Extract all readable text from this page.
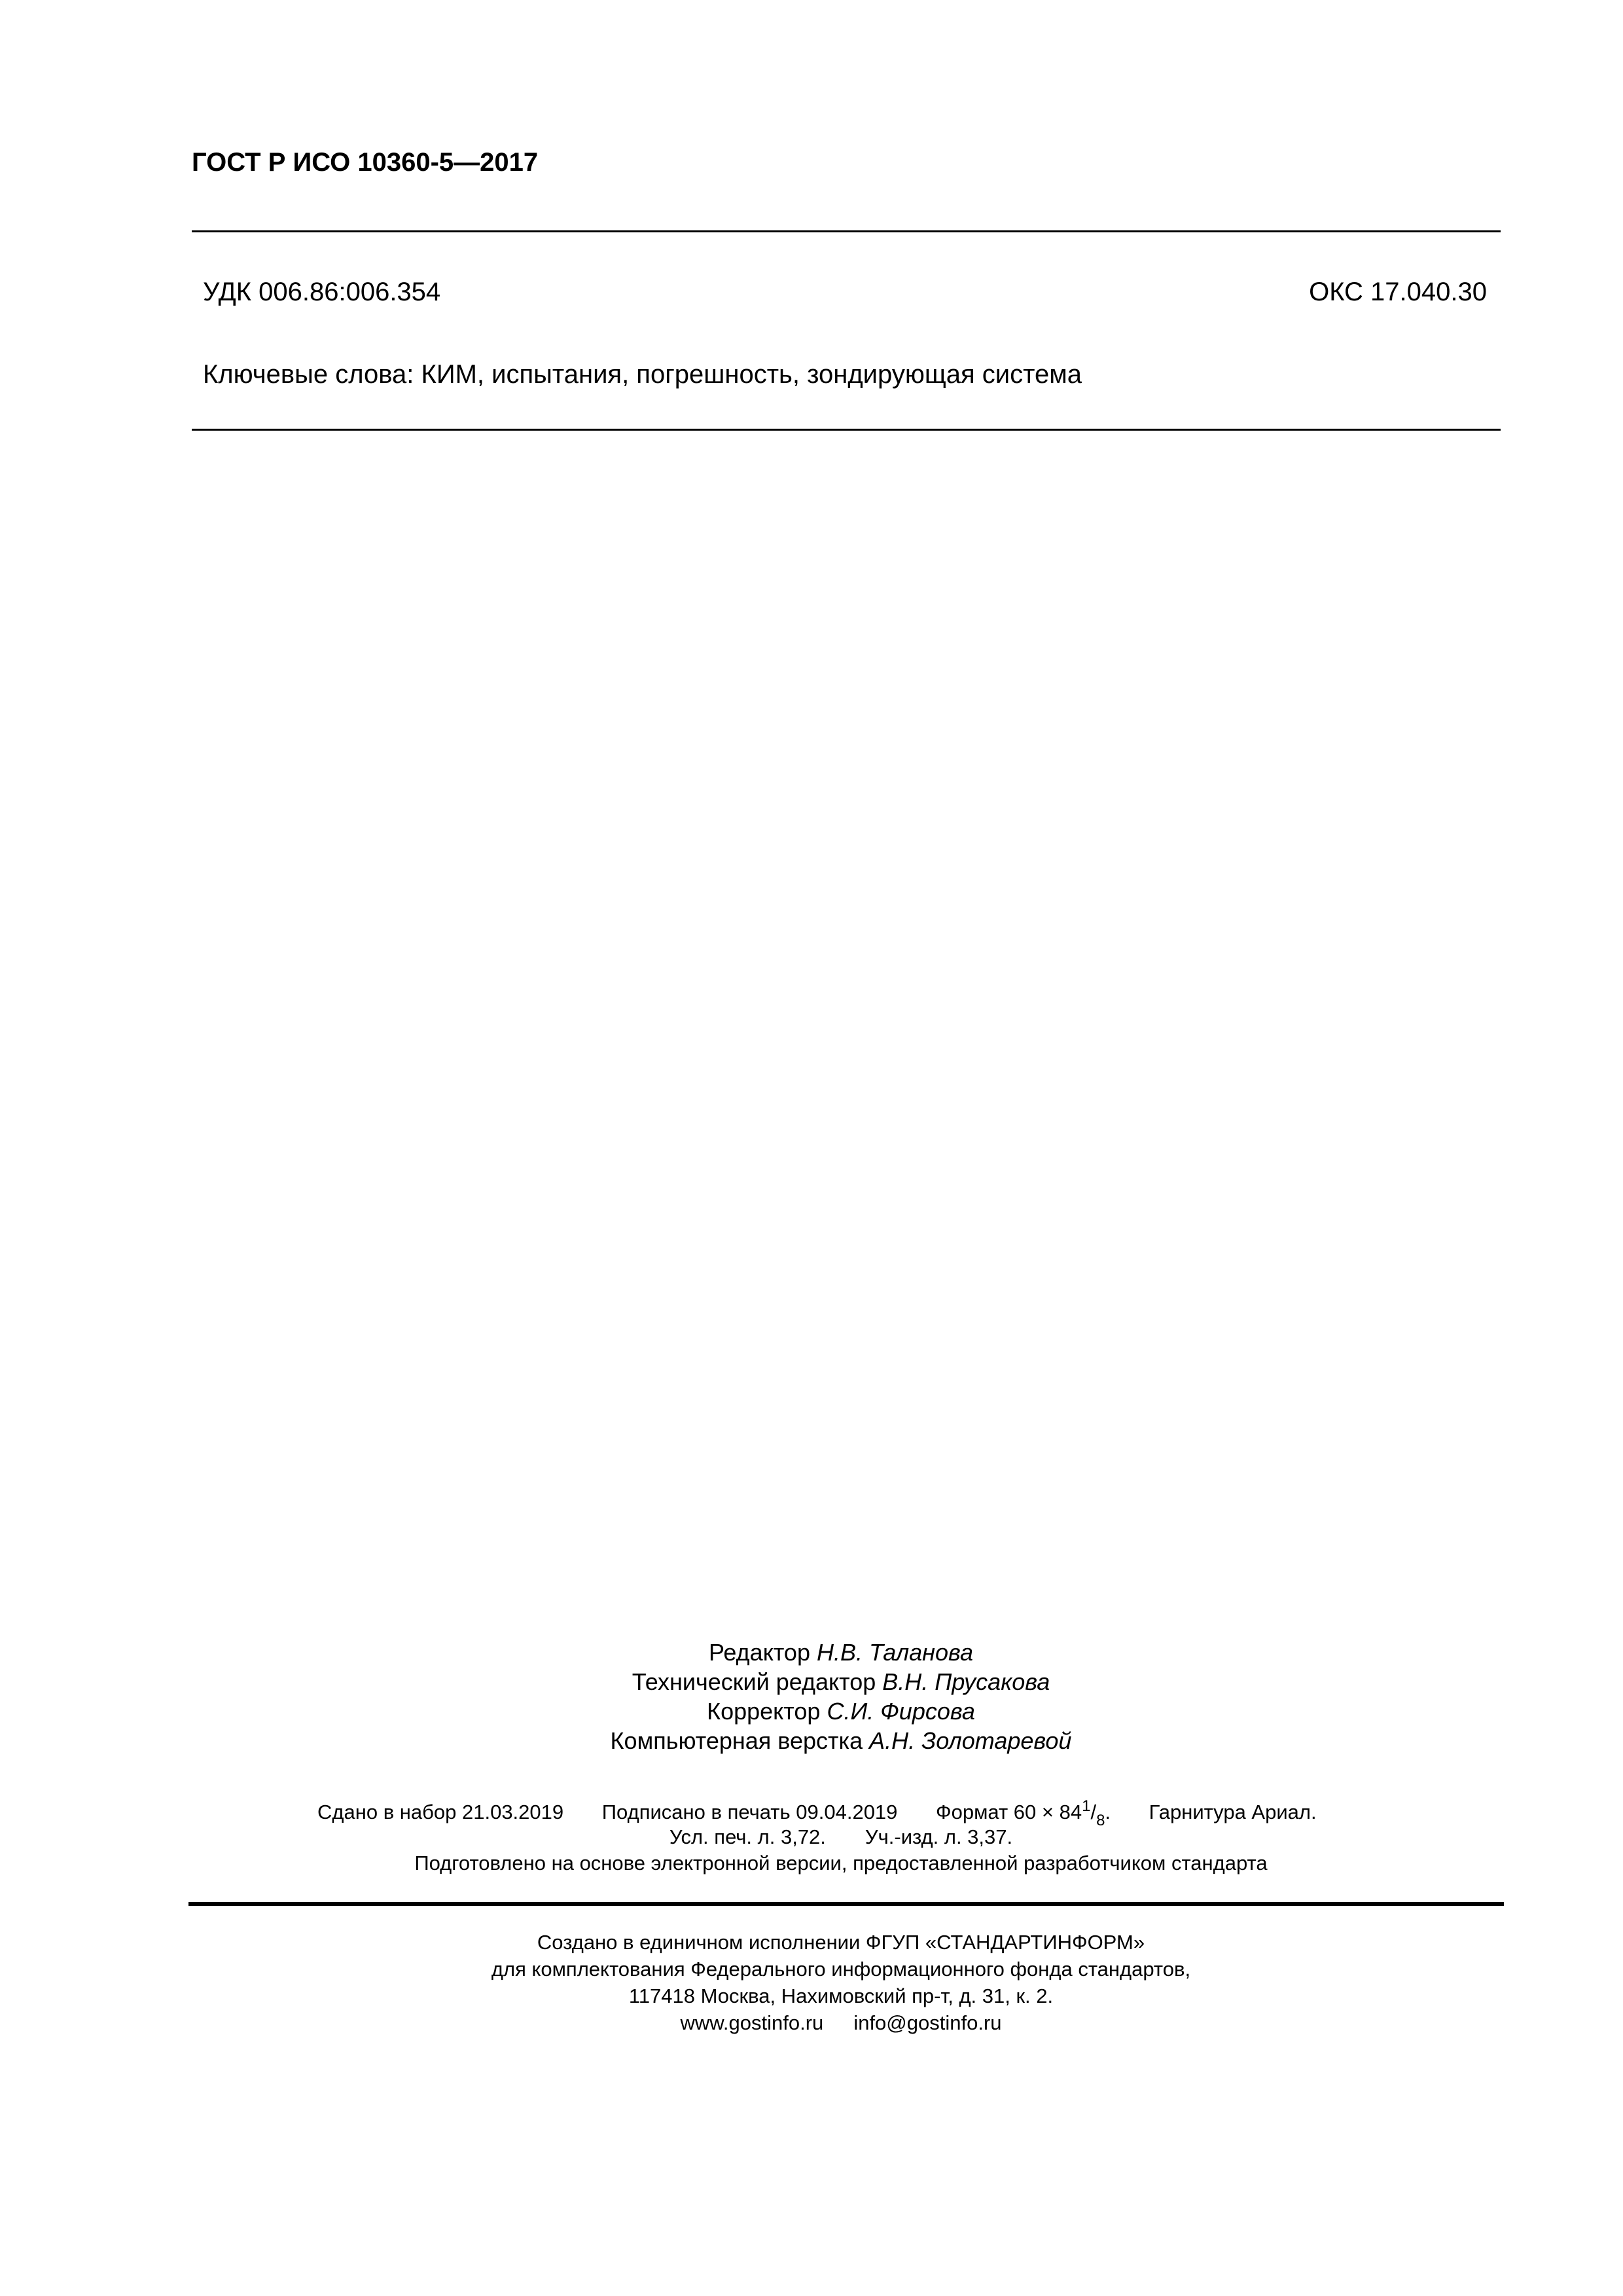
ГОСТ Р ИСО 10360-5—2017
УДК 006.86:006.354	ОКС 17.040.30
Ключевые слова: КИМ, испытания, погрешность, зондирующая система
Редактор Н.В. Таланова
Технический редактор В.Н. Прусакова
Корректор С.И. Фирсова
Компьютерная верстка А.Н. Золотаревой
Сдано в набор 21.03.2019 Подписано в печать 09.04.2019 Формат $60 \times 84^1/_8$. Гарнитура Ариал.
Усл. печ. л. 3,72. Уч.-изд. л. 3,37.
Подготовлено на основе электронной версии, предоставленной разработчиком стандарта
Создано в единичном исполнении ФГУП «СТАНДАРТИНФОРМ»
для комплектования Федерального информационного фонда стандартов,
117418 Москва, Нахимовский пр-т, д. 31, к. 2.
www.gostinfo.ru info@gostinfo.ru
